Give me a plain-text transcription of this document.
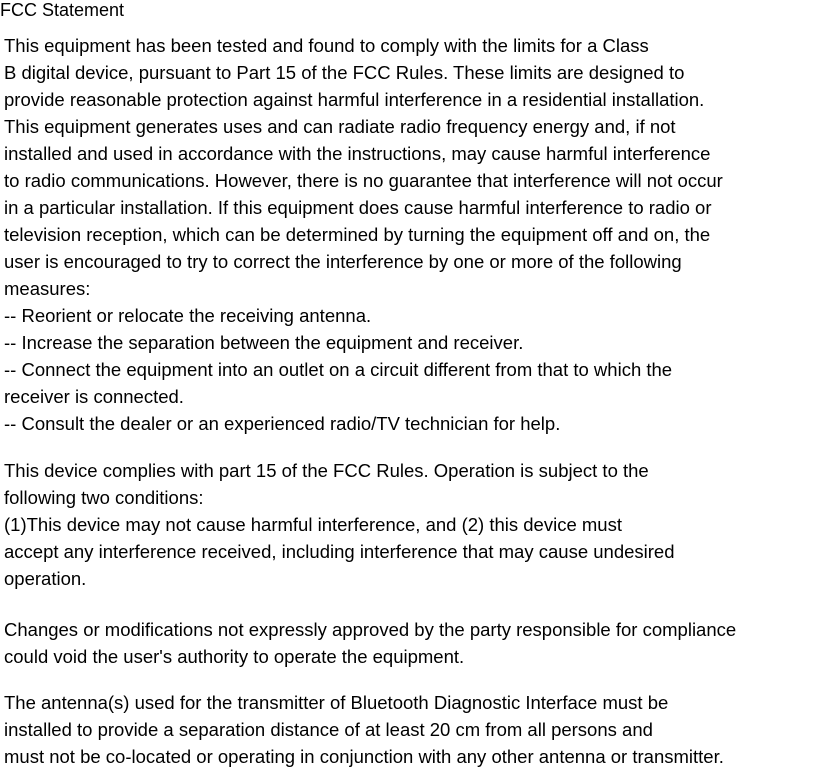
FCC Statement
This equipment has been tested and found to comply with the limits for a Class
B digital device, pursuant to Part 15 of the FCC Rules. These limits are designed to
provide reasonable protection against harmful interference in a residential installation.
This equipment generates uses and can radiate radio frequency energy and, if not
installed and used in accordance with the instructions, may cause harmful interference
to radio communications. However, there is no guarantee that interference will not occur
in a particular installation. If this equipment does cause harmful interference to radio or
television reception, which can be determined by turning the equipment off and on, the
user is encouraged to try to correct the interference by one or more of the following
measures:
-- Reorient or relocate the receiving antenna.
-- Increase the separation between the equipment and receiver.
-- Connect the equipment into an outlet on a circuit different from that to which the
receiver is connected.
-- Consult the dealer or an experienced radio/TV technician for help.
This device complies with part 15 of the FCC Rules. Operation is subject to the
following two conditions:
(1)This device may not cause harmful interference, and (2) this device must
accept any interference received, including interference that may cause undesired
operation.
Changes or modifications not expressly approved by the party responsible for compliance
could void the user's authority to operate the equipment.
The antenna(s) used for the transmitter of Bluetooth Diagnostic Interface must be
installed to provide a separation distance of at least 20 cm from all persons and
must not be co-located or operating in conjunction with any other antenna or transmitter.
